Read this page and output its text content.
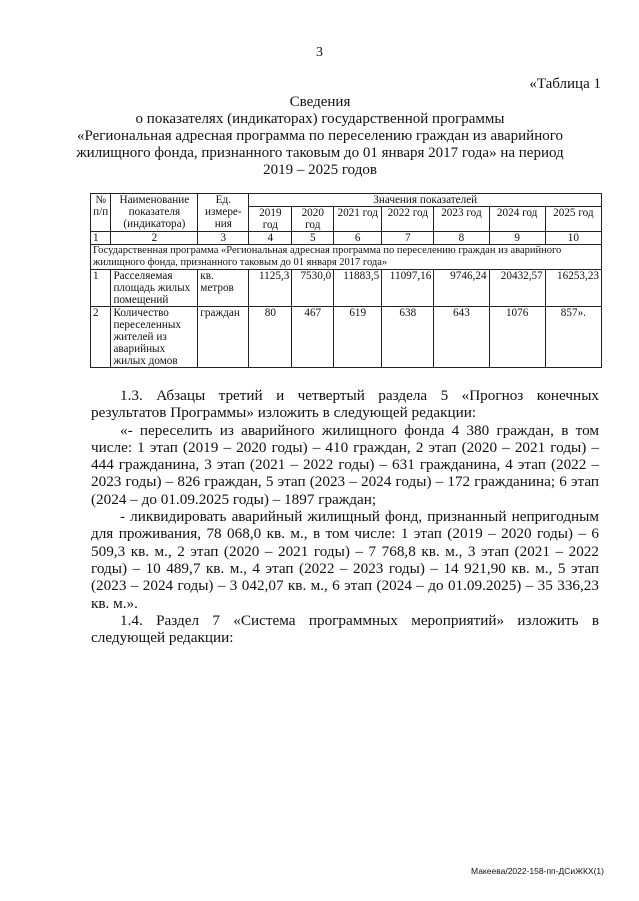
3
«Таблица 1
Сведения
о показателях (индикаторах) государственной программы
«Региональная адресная программа по переселению граждан из аварийного
жилищного фонда, признанного таковым до 01 января 2017 года» на период
2019 – 2025 годов
№ п/п	Наименование показателя (индикатора)	Ед. измере-ния	Значения показателей						
			2019 год	2020 год	2021 год	2022 год	2023 год	2024 год	2025 год
1	2	3	4	5	6	7	8	9	10
Государственная программа «Региональная адресная программа по переселению граждан из аварийного жилищного фонда, признанного таковым до 01 января 2017 года»									
1	Расселяемая площадь жилых помещений	кв. метров	1125,3	7530,0	11883,5	11097,16	9746,24	20432,57	16253,23
2	Количество переселенных жителей из аварийных жилых домов	граждан	80	467	619	638	643	1076	857».

1.3. Абзацы третий и четвертый раздела 5 «Прогноз конечных результатов Программы» изложить в следующей редакции:

«- переселить из аварийного жилищного фонда 4 380 граждан, в том числе: 1 этап (2019 – 2020 годы) – 410 граждан, 2 этап (2020 – 2021 годы) – 444 гражданина, 3 этап (2021 – 2022 годы) – 631 гражданина, 4 этап (2022 – 2023 годы) – 826 граждан, 5 этап (2023 – 2024 годы) – 172 гражданина; 6 этап (2024 – до 01.09.2025 годы) – 1897 граждан;

- ликвидировать аварийный жилищный фонд, признанный непригодным для проживания, 78 068,0 кв. м., в том числе: 1 этап (2019 – 2020 годы) – 6 509,3 кв. м., 2 этап (2020 – 2021 годы) – 7 768,8 кв. м., 3 этап (2021 – 2022 годы) – 10 489,7 кв. м., 4 этап (2022 – 2023 годы) – 14 921,90 кв. м., 5 этап (2023 – 2024 годы) – 3 042,07 кв. м., 6 этап (2024 – до 01.09.2025) – 35 336,23 кв. м.».

1.4. Раздел 7 «Система программных мероприятий» изложить в следующей редакции:

Макеева/2022-158-пп-ДСиЖКХ(1)
